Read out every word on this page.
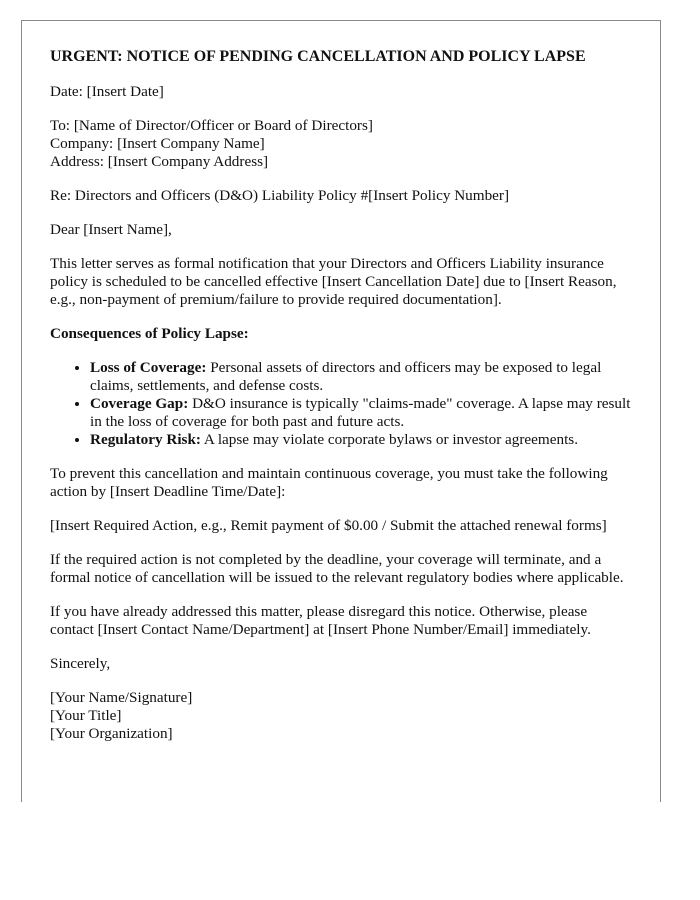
URGENT: NOTICE OF PENDING CANCELLATION AND POLICY LAPSE

Date: [Insert Date]

To: [Name of Director/Officer or Board of Directors]
Company: [Insert Company Name]
Address: [Insert Company Address]

Re: Directors and Officers (D&O) Liability Policy #[Insert Policy Number]

Dear [Insert Name],

This letter serves as formal notification that your Directors and Officers Liability insurance policy is scheduled to be cancelled effective [Insert Cancellation Date] due to [Insert Reason, e.g., non-payment of premium/failure to provide required documentation].

Consequences of Policy Lapse:
• Loss of Coverage: Personal assets of directors and officers may be exposed to legal claims, settlements, and defense costs.
• Coverage Gap: D&O insurance is typically "claims-made" coverage. A lapse may result in the loss of coverage for both past and future acts.
• Regulatory Risk: A lapse may violate corporate bylaws or investor agreements.

To prevent this cancellation and maintain continuous coverage, you must take the following action by [Insert Deadline Time/Date]:

[Insert Required Action, e.g., Remit payment of $0.00 / Submit the attached renewal forms]

If the required action is not completed by the deadline, your coverage will terminate, and a formal notice of cancellation will be issued to the relevant regulatory bodies where applicable.

If you have already addressed this matter, please disregard this notice. Otherwise, please contact [Insert Contact Name/Department] at [Insert Phone Number/Email] immediately.

Sincerely,

[Your Name/Signature]
[Your Title]
[Your Organization]
